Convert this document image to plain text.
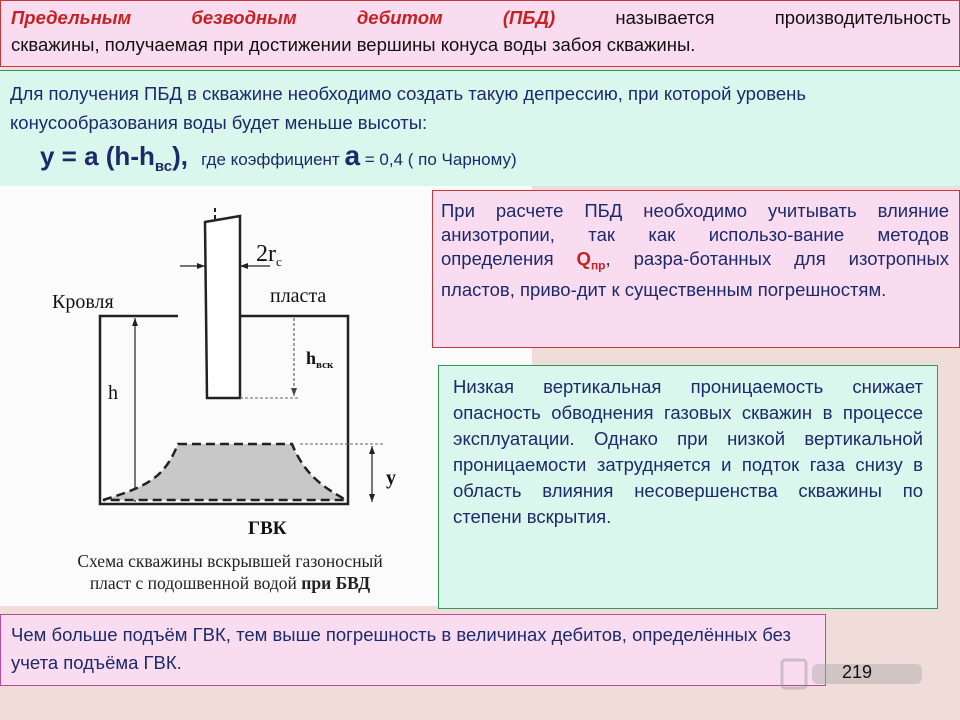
Предельным безводным дебитом (ПБД)	называется производительность
скважины, получаемая при достижении вершины конуса воды забоя скважины.
Для получения ПБД в скважине необходимо создать такую депрессию, при которой уровень конусообразования воды будет меньше высоты:
y = a $(h-h_{вс})$, где коэффициент a = 0,4 ( по Чарному)
$2r_с$
Кровля	пласта
h
$h_{вск}$
y
ГВК
Схема скважины вскрывшей газоносный
пласт с подошвенной водой при БВД
При расчете ПБД необходимо учитывать влияние анизотропии, так как использо-вание методов определения $Q_{пр}$, разра-ботанных для изотропных пластов, приво-дит к существенным погрешностям.
Низкая вертикальная проницаемость снижает опасность обводнения газовых скважин в процессе эксплуатации. Однако при низкой вертикальной проницаемости затрудняется и подток газа снизу в область влияния несовершенства скважины по степени вскрытия.
Чем больше подъём ГВК, тем выше погрешность в величинах дебитов, определённых без учета подъёма ГВК.	219
